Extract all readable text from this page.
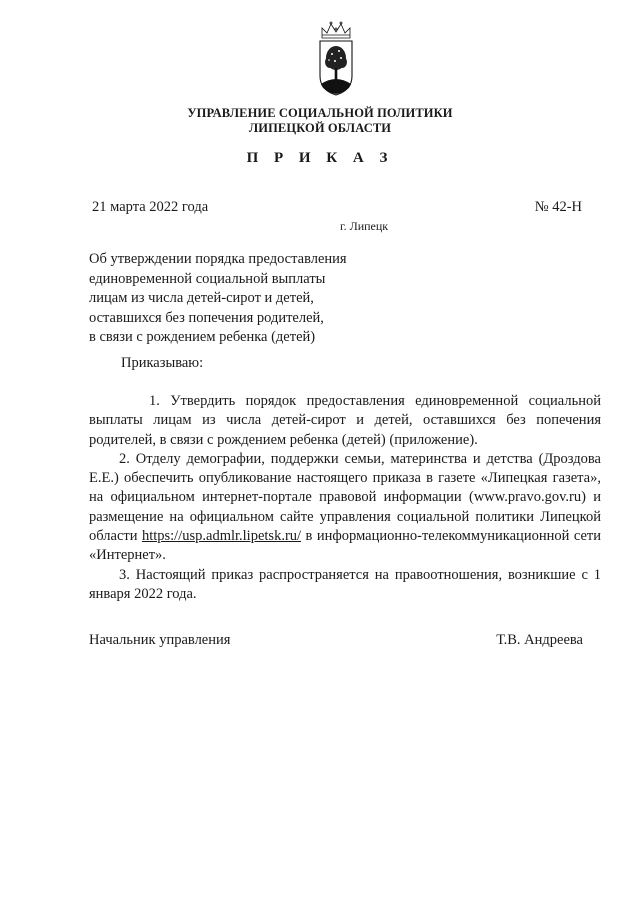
УПРАВЛЕНИЕ СОЦИАЛЬНОЙ ПОЛИТИКИ
ЛИПЕЦКОЙ ОБЛАСТИ
П Р И К А З
21 марта 2022 года	№ 42-Н
г. Липецк
Об утверждении порядка предоставления
единовременной социальной выплаты
лицам из числа детей-сирот и детей,
оставшихся без попечения родителей,
в связи с рождением ребенка (детей)
Приказываю:
1. Утвердить порядок предоставления единовременной социальной выплаты лицам из числа детей-сирот и детей, оставшихся без попечения родителей, в связи с рождением ребенка (детей) (приложение).
2. Отделу демографии, поддержки семьи, материнства и детства (Дроздова Е.Е.) обеспечить опубликование настоящего приказа в газете «Липецкая газета», на официальном интернет-портале правовой информации (www.pravo.gov.ru) и размещение на официальном сайте управления социальной политики Липецкой области https://usp.admlr.lipetsk.ru/ в информационно-телекоммуникационной сети «Интернет».
3. Настоящий приказ распространяется на правоотношения, возникшие с 1 января 2022 года.
Начальник управления	Т.В. Андреева
